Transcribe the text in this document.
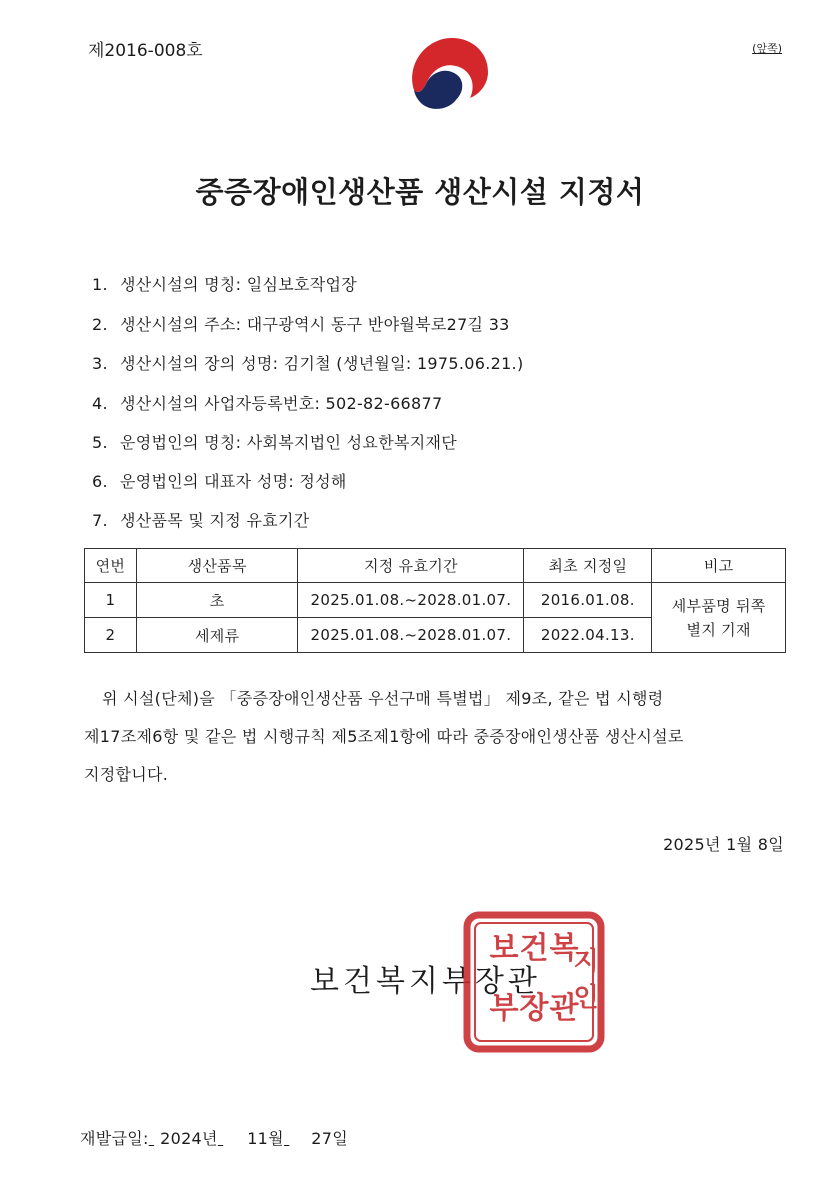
제2016-008호	(앞쪽)
중증장애인생산품 생산시설 지정서
1. 생산시설의 명칭: 일심보호작업장
2. 생산시설의 주소: 대구광역시 동구 반야월북로27길 33
3. 생산시설의 장의 성명: 김기철 (생년월일: 1975.06.21.)
4. 생산시설의 사업자등록번호: 502-82-66877
5. 운영법인의 명칭: 사회복지법인 성요한복지재단
6. 운영법인의 대표자 성명: 정성해
7. 생산품목 및 지정 유효기간
연번	생산품목	지정 유효기간	최초 지정일	비고
1	초	2025.01.08.~2028.01.07.	2016.01.08.	세부품명 뒤쪽
별지 기재
2	세제류	2025.01.08.~2028.01.07.	2022.04.13.	
위 시설(단체)을 「중증장애인생산품 우선구매 특별법」 제9조, 같은 법 시행령
제17조제6항 및 같은 법 시행규칙 제5조제1항에 따라 중증장애인생산품 생산시설로
지정합니다.
2025년 1월 8일
보건복지부장관
보 건 복
지
부 장 관
인
재발급일: 2024년 11월 27일
